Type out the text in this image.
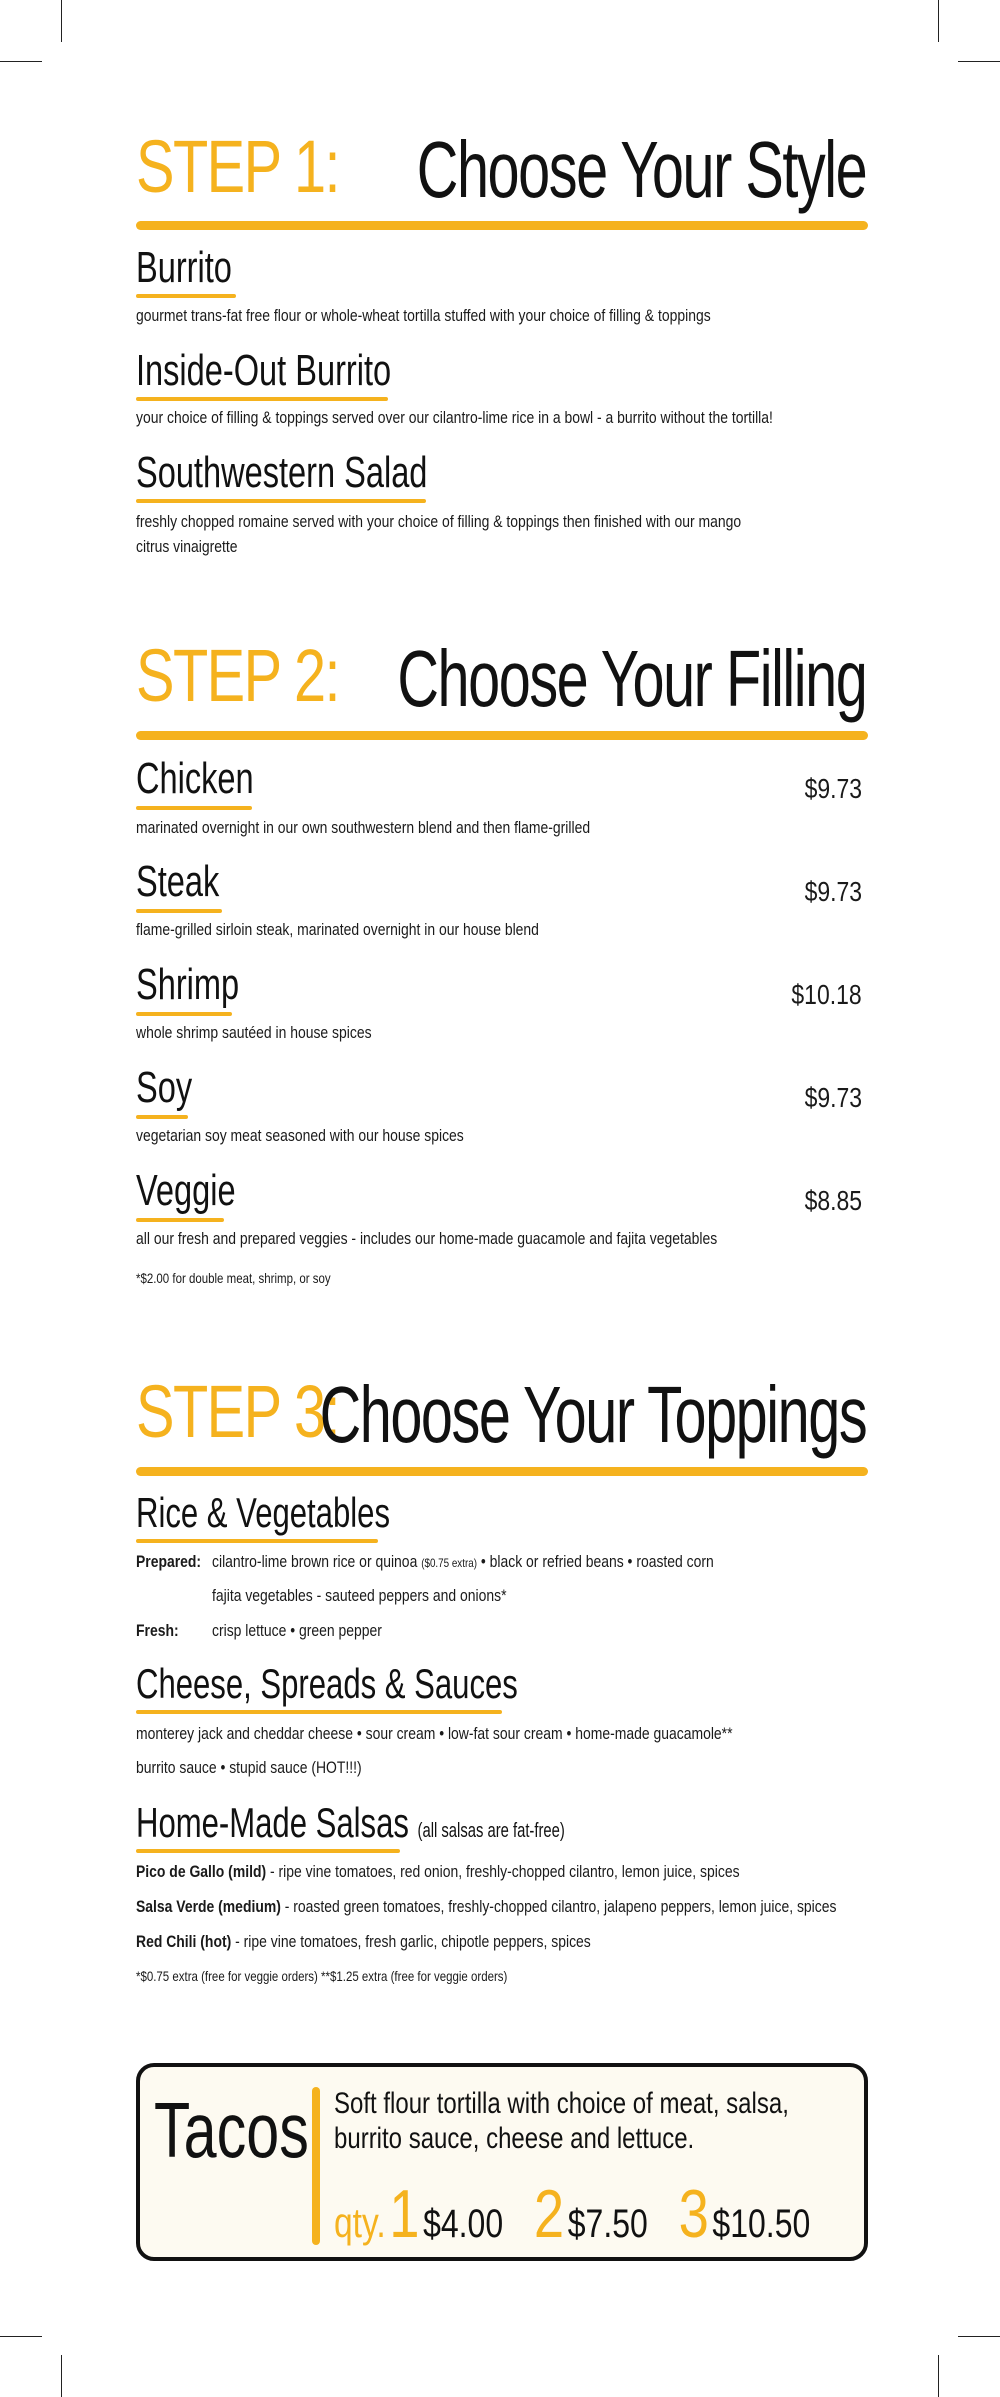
STEP 1: Choose Your Style
Burrito
gourmet trans-fat free flour or whole-wheat tortilla stuffed with your choice of filling & toppings
Inside-Out Burrito
your choice of filling & toppings served over our cilantro-lime rice in a bowl - a burrito without the tortilla!
Southwestern Salad
freshly chopped romaine served with your choice of filling & toppings then finished with our mango
citrus vinaigrette
STEP 2: Choose Your Filling
Chicken	$9.73
marinated overnight in our own southwestern blend and then flame-grilled
Steak	$9.73
flame-grilled sirloin steak, marinated overnight in our house blend
Shrimp	$10.18
whole shrimp sautéed in house spices
Soy	$9.73
vegetarian soy meat seasoned with our house spices
Veggie	$8.85
all our fresh and prepared veggies - includes our home-made guacamole and fajita vegetables
*$2.00 for double meat, shrimp, or soy
STEP 3:
Choose Your Toppings
Rice & Vegetables
Prepared: cilantro-lime brown rice or quinoa ($0.75 extra) • black or refried beans • roasted corn
fajita vegetables - sauteed peppers and onions*
Fresh: crisp lettuce • green pepper
Cheese, Spreads & Sauces
monterey jack and cheddar cheese • sour cream • low-fat sour cream • home-made guacamole**
burrito sauce • stupid sauce (HOT!!!)
Home-Made Salsas (all salsas are fat-free)
Pico de Gallo (mild) - ripe vine tomatoes, red onion, freshly-chopped cilantro, lemon juice, spices
Salsa Verde (medium) - roasted green tomatoes, freshly-chopped cilantro, jalapeno peppers, lemon juice, spices
Red Chili (hot) - ripe vine tomatoes, fresh garlic, chipotle peppers, spices
*$0.75 extra (free for veggie orders) **$1.25 extra (free for veggie orders)
Tacos Soft flour tortilla with choice of meat, salsa,
burrito sauce, cheese and lettuce.
qty. 1 $4.00 2 $7.50 3 $10.50
